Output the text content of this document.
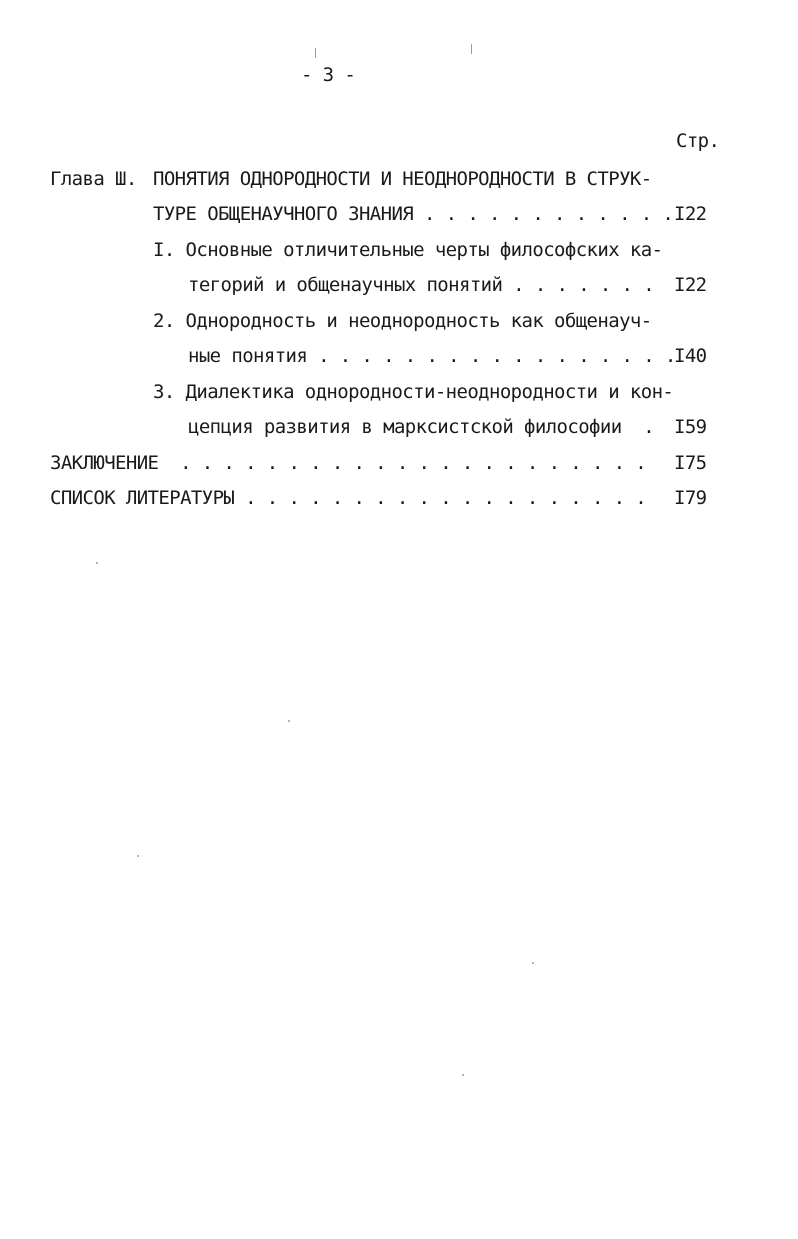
- 3 -
Стр.
Глава Ш. ПОНЯТИЯ ОДНОРОДНОСТИ И НЕОДНОРОДНОСТИ В СТРУК-
ТУРЕ ОБЩЕНАУЧНОГО ЗНАНИЯ . . . . . . . . . . . . I22
I. Основные отличительные черты философских ка-
тегорий и общенаучных понятий . . . . . . . I22
2. Однородность и неоднородность как общенауч-
ные понятия . . . . . . . . . . . . . . . . .
I40
3. Диалектика однородности-неоднородности и кон-
цепция развития в марксистской философии  . I59
ЗАКЛЮЧЕНИЕ  . . . . . . . . . . . . . . . . . . . . . . I75
СПИСОК ЛИТЕРАТУРЫ . . . . . . . . . . . . . . . . . . . I79
